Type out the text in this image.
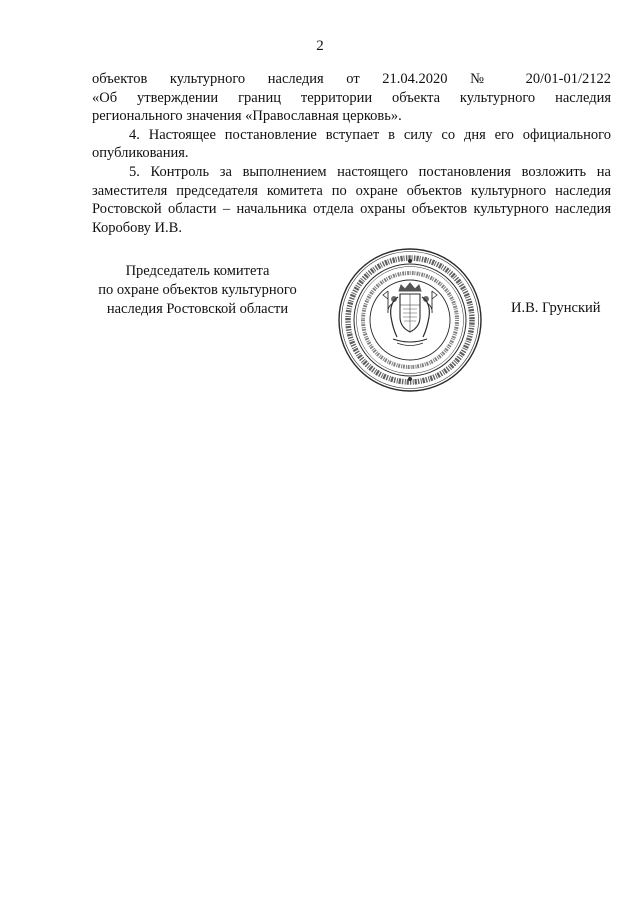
2
объектов культурного наследия от 21.04.2020 № 20/01-01/2122
«Об утверждении границ территории объекта культурного наследия
регионального значения «Православная церковь».

4. Настоящее постановление вступает в силу со дня его официального опубликования.

5. Контроль за выполнением настоящего постановления возложить на заместителя председателя комитета по охране объектов культурного наследия Ростовской области – начальника отдела охраны объектов культурного наследия Коробову И.В.

Председатель комитета
по охране объектов культурного
наследия Ростовской области	И.В. Грунский
